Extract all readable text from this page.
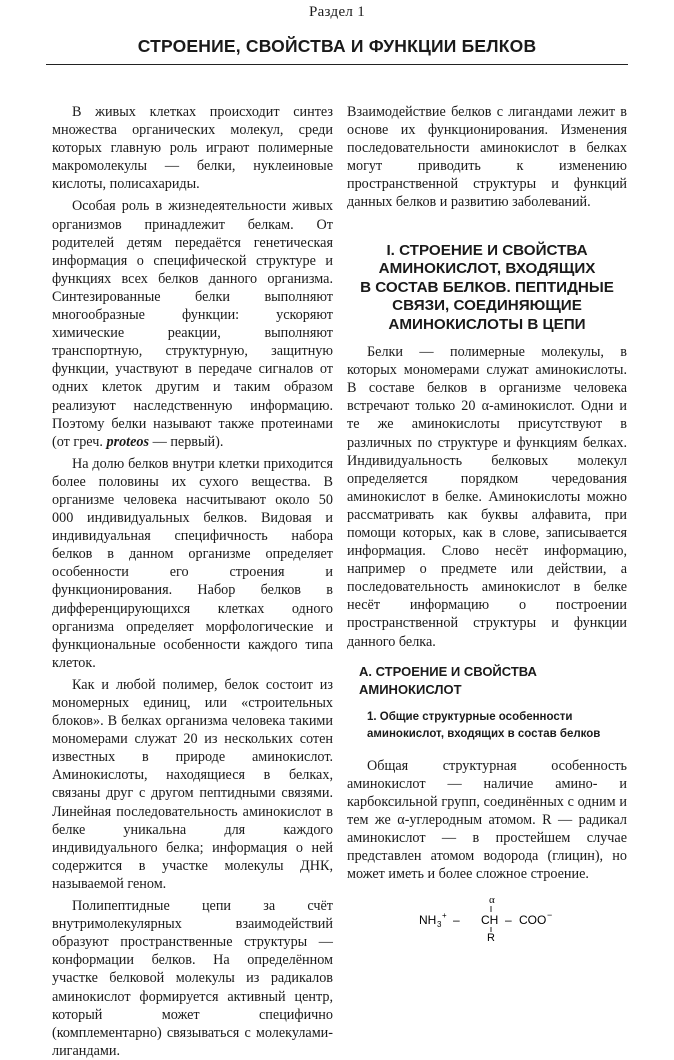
Раздел 1
СТРОЕНИЕ, СВОЙСТВА И ФУНКЦИИ БЕЛКОВ

В живых клетках происходит синтез множества органических молекул, среди которых главную роль играют полимерные макромолекулы — белки, нуклеиновые кислоты, полисахариды.

Особая роль в жизнедеятельности живых организмов принадлежит белкам. От родителей детям передаётся генетическая информация о специфической структуре и функциях всех белков данного организма. Синтезированные белки выполняют многообразные функции: ускоряют химические реакции, выполняют транспортную, структурную, защитную функции, участвуют в передаче сигналов от одних клеток другим и таким образом реализуют наследственную информацию. Поэтому белки называют также протеинами (от греч. proteos — первый).

На долю белков внутри клетки приходится более половины их сухого вещества. В организме человека насчитывают около 50 000 индивидуальных белков. Видовая и индивидуальная специфичность набора белков в данном организме определяет особенности его строения и функционирования. Набор белков в дифференцирующихся клетках одного организма определяет морфологические и функциональные особенности каждого типа клеток.

Как и любой полимер, белок состоит из мономерных единиц, или «строительных блоков». В белках организма человека такими мономерами служат 20 из нескольких сотен известных в природе аминокислот. Аминокислоты, находящиеся в белках, связаны друг с другом пептидными связями. Линейная последовательность аминокислот в белке уникальна для каждого индивидуального белка; информация о ней содержится в участке молекулы ДНК, называемой геном.

Полипептидные цепи за счёт внутримолекулярных взаимодействий образуют пространственные структуры — конформации белков. На определённом участке белковой молекулы из радикалов аминокислот формируется активный центр, который может специфично (комплементарно) связываться с молекулами-лигандами.

Взаимодействие белков с лигандами лежит в основе их функционирования. Изменения последовательности аминокислот в белках могут приводить к изменению пространственной структуры и функций данных белков и развитию заболеваний.

I. СТРОЕНИЕ И СВОЙСТВА
АМИНОКИСЛОТ, ВХОДЯЩИХ
В СОСТАВ БЕЛКОВ. ПЕПТИДНЫЕ
СВЯЗИ, СОЕДИНЯЮЩИЕ
АМИНОКИСЛОТЫ В ЦЕПИ

Белки — полимерные молекулы, в которых мономерами служат аминокислоты. В составе белков в организме человека встречают только 20 α-аминокислот. Одни и те же аминокислоты присутствуют в различных по структуре и функциям белках. Индивидуальность белковых молекул определяется порядком чередования аминокислот в белке. Аминокислоты можно рассматривать как буквы алфавита, при помощи которых, как в слове, записывается информация. Слово несёт информацию, например о предмете или действии, а последовательность аминокислот в белке несёт информацию о построении пространственной структуры и функции данного белка.

А. СТРОЕНИЕ И СВОЙСТВА АМИНОКИСЛОТ
1. Общие структурные особенности
аминокислот, входящих в состав белков

Общая структурная особенность аминокислот — наличие амино- и карбоксильной групп, соединённых с одним и тем же α-углеродным атомом. R — радикал аминокислот — в простейшем случае представлен атомом водорода (глицин), но может иметь и более сложное строение.

α
NH 3
+ – CH – COO −
R
